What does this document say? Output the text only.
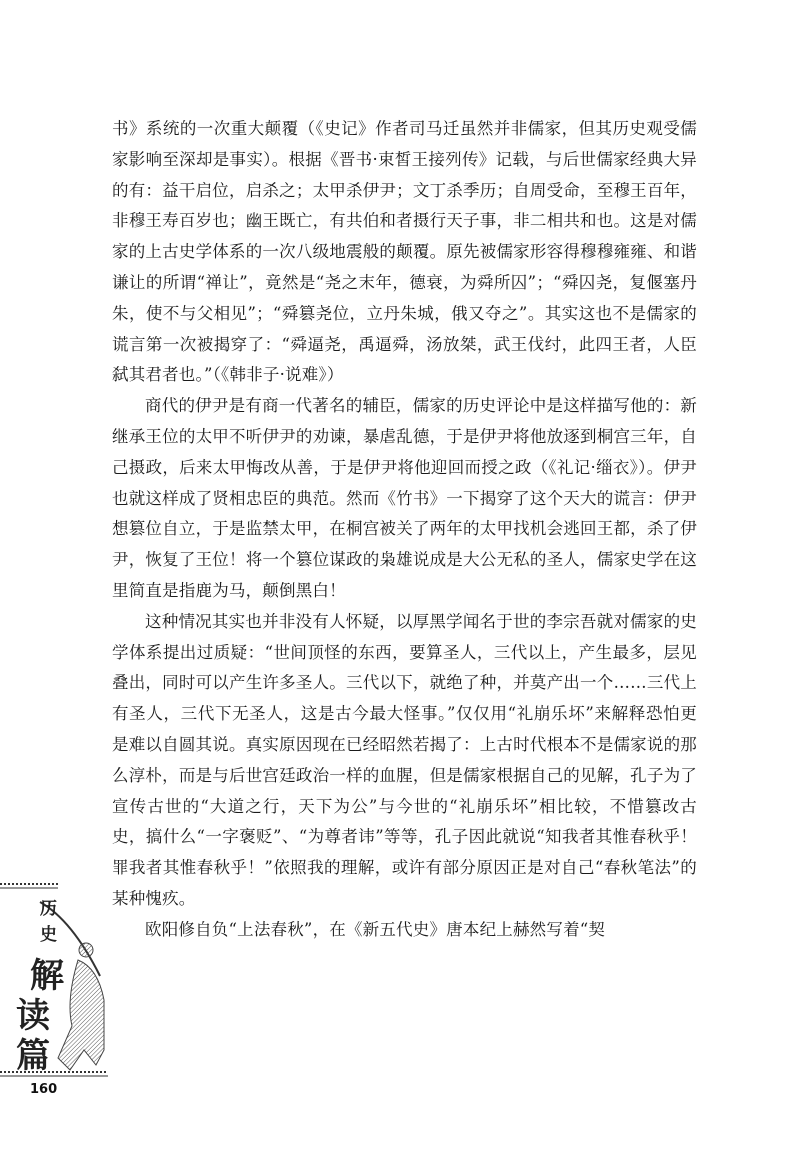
书》系统的一次重大颠覆（《史记》作者司马迁虽然并非儒家，但其历史观受儒家影响至深却是事实）。根据《晋书·束皙王接列传》记载，与后世儒家经典大异的有：益干启位，启杀之；太甲杀伊尹；文丁杀季历；自周受命，至穆王百年，非穆王寿百岁也；幽王既亡，有共伯和者摄行天子事，非二相共和也。这是对儒家的上古史学体系的一次八级地震般的颠覆。原先被儒家形容得穆穆雍雍、和谐谦让的所谓“禅让”，竟然是“尧之末年，德衰，为舜所囚”；“舜囚尧，复偃塞丹朱，使不与父相见”；“舜篡尧位，立丹朱城，俄又夺之”。其实这也不是儒家的谎言第一次被揭穿了：“舜逼尧，禹逼舜，汤放桀，武王伐纣，此四王者，人臣弑其君者也。”（《韩非子·说难》）

商代的伊尹是有商一代著名的辅臣，儒家的历史评论中是这样描写他的：新继承王位的太甲不听伊尹的劝谏，暴虐乱德，于是伊尹将他放逐到桐宫三年，自己摄政，后来太甲悔改从善，于是伊尹将他迎回而授之政（《礼记·缁衣》）。伊尹也就这样成了贤相忠臣的典范。然而《竹书》一下揭穿了这个天大的谎言：伊尹想篡位自立，于是监禁太甲，在桐宫被关了两年的太甲找机会逃回王都，杀了伊尹，恢复了王位！将一个篡位谋政的枭雄说成是大公无私的圣人，儒家史学在这里简直是指鹿为马，颠倒黑白！

这种情况其实也并非没有人怀疑，以厚黑学闻名于世的李宗吾就对儒家的史学体系提出过质疑：“世间顶怪的东西，要算圣人，三代以上，产生最多，层见叠出，同时可以产生许多圣人。三代以下，就绝了种，并莫产出一个……三代上有圣人，三代下无圣人，这是古今最大怪事。”仅仅用“礼崩乐坏”来解释恐怕更是难以自圆其说。真实原因现在已经昭然若揭了：上古时代根本不是儒家说的那么淳朴，而是与后世宫廷政治一样的血腥，但是儒家根据自己的见解，孔子为了宣传古世的“大道之行，天下为公”与今世的“礼崩乐坏”相比较，不惜篡改古史，搞什么“一字褒贬”、“为尊者讳”等等，孔子因此就说“知我者其惟春秋乎！罪我者其惟春秋乎！”依照我的理解，或许有部分原因正是对自己“春秋笔法”的某种愧疚。

欧阳修自负“上法春秋”，在《新五代史》唐本纪上赫然写着“契

历
史
解
读
篇
160
